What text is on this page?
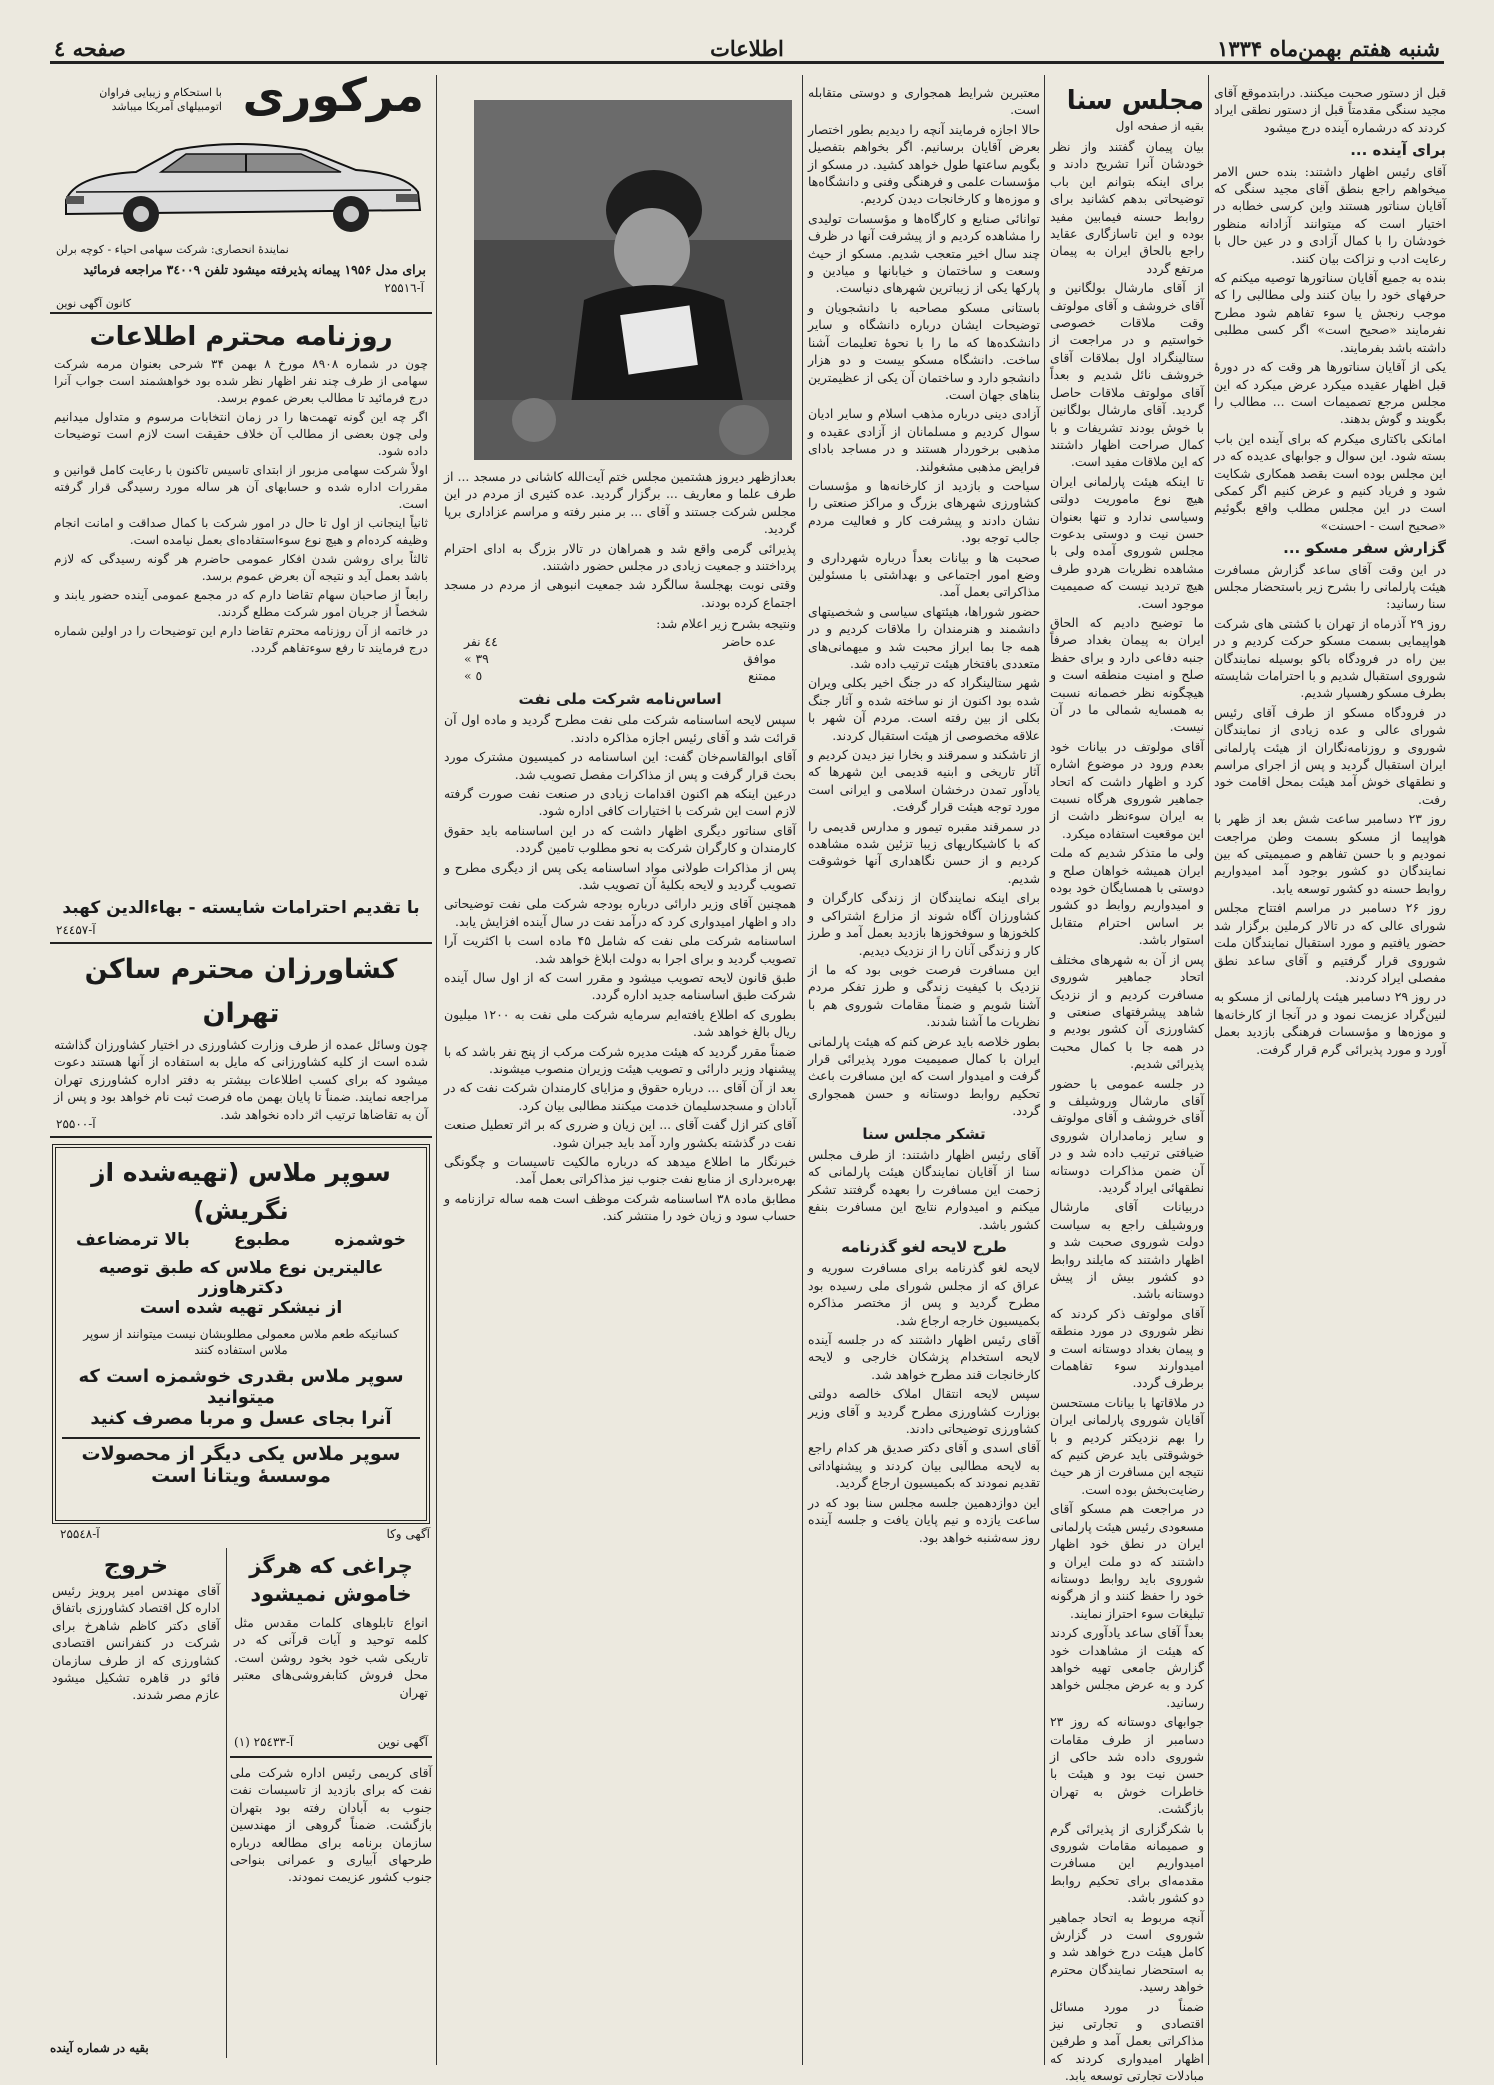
شنبه هفتم بهمن‌ماه ۱۳۳۴
اطلاعات
صفحه ٤

قبل از دستور صحبت میکنند. درابتدموقع آقای مجید سنگی مقدمتاً قبل از دستور نطقی ایراد کردند که درشماره آینده درج میشود

برای آینده ...

آقای رئیس اظهار داشتند: بنده حس الامر میخواهم راجع بنطق آقای مجید سنگی که آقایان سناتور هستند واین کرسی خطابه در اختیار است که میتوانند آزادانه منظور خودشان را با کمال آزادی و در عین حال با رعایت ادب و نزاکت بیان کنند.

بنده به جمیع آقایان سناتورها توصیه میکنم که حرفهای خود را بیان کنند ولی مطالبی را که موجب رنجش یا سوء تفاهم شود مطرح نفرمایند «صحیح است» اگر کسی مطلبی داشته باشد بفرمایند.

یکی از آقایان سناتورها هر وقت که در دورۀ قبل اظهار عقیده میکرد عرض میکرد که این مجلس مرجع تصمیمات است ... مطالب را بگویند و گوش بدهند.

امانکی باکتاری میکرم که برای آینده این باب بسته شود. این سوال و جوابهای عدیده که در این مجلس بوده است بقصد همکاری شکایت شود و فریاد کنیم و عرض کنیم اگر کمکی است در این مجلس مطلب واقع بگوئیم «صحیح است - احسنت»

گزارش سفر مسکو ...

در این وقت آقای ساعد گزارش مسافرت هیئت پارلمانی را بشرح زیر باستحضار مجلس سنا رسانید:

روز ۲۹ آذرماه از تهران با کشتی های شرکت هواپیمایی بسمت مسکو حرکت کردیم و در بین راه در فرودگاه باکو بوسیله نمایندگان شوروی استقبال شدیم و با احترامات شایسته بطرف مسکو رهسپار شدیم.

در فرودگاه مسکو از طرف آقای رئیس شورای عالی و عده زیادی از نمایندگان شوروی و روزنامه‌نگاران از هیئت پارلمانی ایران استقبال گردید و پس از اجرای مراسم و نطقهای خوش آمد هیئت بمحل اقامت خود رفت.

روز ۲۳ دسامبر ساعت شش بعد از ظهر با هواپیما از مسکو بسمت وطن مراجعت نمودیم و با حسن تفاهم و صمیمیتی که بین نمایندگان دو کشور بوجود آمد امیدواریم روابط حسنه دو کشور توسعه یابد.

روز ۲۶ دسامبر در مراسم افتتاح مجلس شورای عالی که در تالار کرملین برگزار شد حضور یافتیم و مورد استقبال نمایندگان ملت شوروی قرار گرفتیم و آقای ساعد نطق مفصلی ایراد کردند.

در روز ۲۹ دسامبر هیئت پارلمانی از مسکو به لنین‌گراد عزیمت نمود و در آنجا از کارخانه‌ها و موزه‌ها و مؤسسات فرهنگی بازدید بعمل آورد و مورد پذیرائی گرم قرار گرفت.

مجلس سنا
بقیه از صفحه اول

بیان پیمان گفتند واز نظر خودشان آنرا تشریح دادند و برای اینکه بتوانم این باب توضیحاتی بدهم کشانید برای روابط حسنه فیمابین مفید بوده و این تاسازگاری عقاید راجع بالحاق ایران به پیمان مرتفع گردد

از آقای مارشال بولگانین و آقای خروشف و آقای مولوتف وقت ملاقات خصوصی خواستیم و در مراجعت از ستالینگراد اول بملاقات آقای خروشف نائل شدیم و بعداً آقای مولوتف ملاقات حاصل گردید. آقای مارشال بولگانین با خوش بودند تشریفات و با کمال صراحت اظهار داشتند که این ملاقات مفید است.

تا اینکه هیئت پارلمانی ایران هیچ نوع ماموریت دولتی وسیاسی ندارد و تنها بعنوان حسن نیت و دوستی بدعوت مجلس شوروی آمده ولی با مشاهده نظریات هردو طرف هیچ تردید نیست که صمیمیت موجود است.

ما توضیح دادیم که الحاق ایران به پیمان بغداد صرفاً جنبه دفاعی دارد و برای حفظ صلح و امنیت منطقه است و هیچگونه نظر خصمانه نسبت به همسایه شمالی ما در آن نیست.

آقای مولوتف در بیانات خود بعدم ورود در موضوع اشاره کرد و اظهار داشت که اتحاد جماهیر شوروی هرگاه نسبت به ایران سوءنظر داشت از این موقعیت استفاده میکرد.

ولی ما متذکر شدیم که ملت ایران همیشه خواهان صلح و دوستی با همسایگان خود بوده و امیدواریم روابط دو کشور بر اساس احترام متقابل استوار باشد.

پس از آن به شهرهای مختلف اتحاد جماهیر شوروی مسافرت کردیم و از نزدیک شاهد پیشرفتهای صنعتی و کشاورزی آن کشور بودیم و در همه جا با کمال محبت پذیرائی شدیم.

در جلسه عمومی با حضور آقای مارشال وروشیلف و آقای خروشف و آقای مولوتف و سایر زمامداران شوروی ضیافتی ترتیب داده شد و در آن ضمن مذاکرات دوستانه نطقهائی ایراد گردید.

دربیانات آقای مارشال وروشیلف راجع به سیاست دولت شوروی صحبت شد و اظهار داشتند که مایلند روابط دو کشور بیش از پیش دوستانه باشد.

آقای مولوتف ذکر کردند که نظر شوروی در مورد منطقه و پیمان بغداد دوستانه است و امیدوارند سوء تفاهمات برطرف گردد.

در ملاقاتها با بیانات مستحسن آقایان شوروی پارلمانی ایران را بهم نزدیکتر کردیم و با خوشوقتی باید عرض کنیم که نتیجه این مسافرت از هر حیث رضایت‌بخش بوده است.

در مراجعت هم مسکو آقای مسعودی رئیس هیئت پارلمانی ایران در نطق خود اظهار داشتند که دو ملت ایران و شوروی باید روابط دوستانه خود را حفظ کنند و از هرگونه تبلیغات سوء احتراز نمایند.

بعداً آقای ساعد یادآوری کردند که هیئت از مشاهدات خود گزارش جامعی تهیه خواهد کرد و به عرض مجلس خواهد رسانید.

جوابهای دوستانه که روز ۲۳ دسامبر از طرف مقامات شوروی داده شد حاکی از حسن نیت بود و هیئت با خاطرات خوش به تهران بازگشت.

با شکرگزاری از پذیرائی گرم و صمیمانه مقامات شوروی امیدواریم این مسافرت مقدمه‌ای برای تحکیم روابط دو کشور باشد.

آنچه مربوط به اتحاد جماهیر شوروی است در گزارش کامل هیئت درج خواهد شد و به استحضار نمایندگان محترم خواهد رسید.

ضمناً در مورد مسائل اقتصادی و تجارتی نیز مذاکراتی بعمل آمد و طرفین اظهار امیدواری کردند که مبادلات تجارتی توسعه یابد.

معتبرین شرایط همجواری و دوستی متقابله است.

حالا اجازه فرمایند آنچه را دیدیم بطور اختصار بعرض آقایان برسانیم. اگر بخواهم بتفصیل بگویم ساعتها طول خواهد کشید. در مسکو از مؤسسات علمی و فرهنگی وفنی و دانشگاه‌ها و موزه‌ها و کارخانجات دیدن کردیم.

توانائی صنایع و کارگاه‌ها و مؤسسات تولیدی را مشاهده کردیم و از پیشرفت آنها در ظرف چند سال اخیر متعجب شدیم. مسکو از حیث وسعت و ساختمان و خیابانها و میادین و پارکها یکی از زیباترین شهرهای دنیاست.

باستانی مسکو مصاحبه با دانشجویان و توضیحات ایشان درباره دانشگاه و سایر دانشکده‌ها که ما را با نحوۀ تعلیمات آشنا ساخت. دانشگاه مسکو بیست و دو هزار دانشجو دارد و ساختمان آن یکی از عظیمترین بناهای جهان است.

آزادی دینی درباره مذهب اسلام و سایر ادیان سوال کردیم و مسلمانان از آزادی عقیده و مذهبی برخوردار هستند و در مساجد بادای فرایض مذهبی مشغولند.

سیاحت و بازدید از کارخانه‌ها و مؤسسات کشاورزی شهرهای بزرگ و مراکز صنعتی را نشان دادند و پیشرفت کار و فعالیت مردم جالب توجه بود.

صحبت ها و بیانات بعداً درباره شهرداری و وضع امور اجتماعی و بهداشتی با مسئولین مذاکراتی بعمل آمد.

حضور شوراها، هیئتهای سیاسی و شخصیتهای دانشمند و هنرمندان را ملاقات کردیم و در همه جا بما ابراز محبت شد و میهمانی‌های متعددی بافتخار هیئت ترتیب داده شد.

شهر ستالینگراد که در جنگ اخیر بکلی ویران شده بود اکنون از نو ساخته شده و آثار جنگ بکلی از بین رفته است. مردم آن شهر با علاقه مخصوصی از هیئت استقبال کردند.

از تاشکند و سمرقند و بخارا نیز دیدن کردیم و آثار تاریخی و ابنیه قدیمی این شهرها که یادآور تمدن درخشان اسلامی و ایرانی است مورد توجه هیئت قرار گرفت.

در سمرقند مقبره تیمور و مدارس قدیمی را که با کاشیکاریهای زیبا تزئین شده مشاهده کردیم و از حسن نگاهداری آنها خوشوقت شدیم.

برای اینکه نمایندگان از زندگی کارگران و کشاورزان آگاه شوند از مزارع اشتراکی و کلخوزها و سوفخوزها بازدید بعمل آمد و طرز کار و زندگی آنان را از نزدیک دیدیم.

این مسافرت فرصت خوبی بود که ما از نزدیک با کیفیت زندگی و طرز تفکر مردم آشنا شویم و ضمناً مقامات شوروی هم با نظریات ما آشنا شدند.

بطور خلاصه باید عرض کنم که هیئت پارلمانی ایران با کمال صمیمیت مورد پذیرائی قرار گرفت و امیدوار است که این مسافرت باعث تحکیم روابط دوستانه و حسن همجواری گردد.

تشکر مجلس سنا

آقای رئیس اظهار داشتند: از طرف مجلس سنا از آقایان نمایندگان هیئت پارلمانی که زحمت این مسافرت را بعهده گرفتند تشکر میکنم و امیدوارم نتایج این مسافرت بنفع کشور باشد.

طرح لایحه لغو گذرنامه

لایحه لغو گذرنامه برای مسافرت سوریه و عراق که از مجلس شورای ملی رسیده بود مطرح گردید و پس از مختصر مذاکره بکمیسیون خارجه ارجاع شد.

آقای رئیس اظهار داشتند که در جلسه آینده لایحه استخدام پزشکان خارجی و لایحه کارخانجات قند مطرح خواهد شد.

سپس لایحه انتقال املاک خالصه دولتی بوزارت کشاورزی مطرح گردید و آقای وزیر کشاورزی توضیحاتی دادند.

آقای اسدی و آقای دکتر صدیق هر کدام راجع به لایحه مطالبی بیان کردند و پیشنهاداتی تقدیم نمودند که بکمیسیون ارجاع گردید.

این دوازدهمین جلسه مجلس سنا بود که در ساعت یازده و نیم پایان یافت و جلسه آینده روز سه‌شنبه خواهد بود.

بعدازظهر دیروز هشتمین مجلس ختم آیت‌الله کاشانی در مسجد ... از طرف علما و معاریف ... برگزار گردید. عده کثیری از مردم در این مجلس شرکت جستند و آقای ... بر منبر رفته و مراسم عزاداری برپا گردید.

پذیرائی گرمی واقع شد و همراهان در تالار بزرگ به ادای احترام پرداختند و جمعیت زیادی در مجلس حضور داشتند.

وقتی نوبت بهجلسۀ سالگرد شد جمعیت انبوهی از مردم در مسجد اجتماع کرده بودند.

ونتیجه بشرح زیر اعلام شد:
عده حاضر
٤٤ نفر
موافق
٣٩ »
ممتنع
٥ »
اساس‌نامه شرکت ملی نفت

سپس لایحه اساسنامه شرکت ملی نفت مطرح گردید و ماده اول آن قرائت شد و آقای رئیس اجازه مذاکره دادند.

آقای ابوالقاسم‌خان گفت: این اساسنامه در کمیسیون مشترک مورد بحث قرار گرفت و پس از مذاکرات مفصل تصویب شد.

درعین اینکه هم اکنون اقدامات زیادی در صنعت نفت صورت گرفته لازم است این شرکت با اختیارات کافی اداره شود.

آقای سناتور دیگری اظهار داشت که در این اساسنامه باید حقوق کارمندان و کارگران شرکت به نحو مطلوب تامین گردد.

پس از مذاکرات طولانی مواد اساسنامه یکی پس از دیگری مطرح و تصویب گردید و لایحه بکلیۀ آن تصویب شد.

همچنین آقای وزیر دارائی درباره بودجه شرکت ملی نفت توضیحاتی داد و اظهار امیدواری کرد که درآمد نفت در سال آینده افزایش یابد.

اساسنامه شرکت ملی نفت که شامل ۴۵ ماده است با اکثریت آرا تصویب گردید و برای اجرا به دولت ابلاغ خواهد شد.

طبق قانون لایحه تصویب میشود و مقرر است که از اول سال آینده شرکت طبق اساسنامه جدید اداره گردد.

بطوری که اطلاع یافته‌ایم سرمایه شرکت ملی نفت به ۱۲۰۰ میلیون ریال بالغ خواهد شد.

ضمناً مقرر گردید که هیئت مدیره شرکت مرکب از پنج نفر باشد که با پیشنهاد وزیر دارائی و تصویب هیئت وزیران منصوب میشوند.

بعد از آن آقای ... درباره حقوق و مزایای کارمندان شرکت نفت که در آبادان و مسجدسلیمان خدمت میکنند مطالبی بیان کرد.

آقای کتر ازل گفت آقای ... این زیان و ضرری که بر اثر تعطیل صنعت نفت در گذشته بکشور وارد آمد باید جبران شود.

خبرنگار ما اطلاع میدهد که درباره مالکیت تاسیسات و چگونگی بهره‌برداری از منابع نفت جنوب نیز مذاکراتی بعمل آمد.

مطابق ماده ۳۸ اساسنامه شرکت موظف است همه ساله ترازنامه و حساب سود و زیان خود را منتشر کند.

مرکوری
با استحکام و زیبایی فراوان اتومبیلهای آمریکا میباشد
نمایندۀ انحصاری: شرکت سهامی احیاء - کوچه برلن
برای مدل ۱۹۵۶ پیمانه پذیرفته میشود تلفن ۳٤٠٠٩ مراجعه فرمائید
آ-۲۵۵۱٦
کانون آگهی نوین
روزنامه محترم اطلاعات

چون در شماره ۸۹۰۸ مورخ ۸ بهمن ۳۴ شرحی بعنوان مرمه شرکت سهامی از طرف چند نفر اظهار نظر شده بود خواهشمند است جواب آنرا درج فرمائید تا مطالب بعرض عموم برسد.

اگر چه این گونه تهمت‌ها را در زمان انتخابات مرسوم و متداول میدانیم ولی چون بعضی از مطالب آن خلاف حقیقت است لازم است توضیحات داده شود.

اولاً شرکت سهامی مزبور از ابتدای تاسیس تاکنون با رعایت کامل قوانین و مقررات اداره شده و حسابهای آن هر ساله مورد رسیدگی قرار گرفته است.

ثانیاً اینجانب از اول تا حال در امور شرکت با کمال صداقت و امانت انجام وظیفه کرده‌ام و هیچ نوع سوءاستفاده‌ای بعمل نیامده است.

ثالثاً برای روشن شدن افکار عمومی حاضرم هر گونه رسیدگی که لازم باشد بعمل آید و نتیجه آن بعرض عموم برسد.

رابعاً از صاحبان سهام تقاضا دارم که در مجمع عمومی آینده حضور یابند و شخصاً از جریان امور شرکت مطلع گردند.

در خاتمه از آن روزنامه محترم تقاضا دارم این توضیحات را در اولین شماره درج فرمایند تا رفع سوءتفاهم گردد.

با تقدیم احترامات شایسته - بهاءالدین کهبد
آ-۲٤٤۵۷
کشاورزان محترم ساکن تهران
چون وسائل عمده از طرف وزارت کشاورزی در اختیار کشاورزان گذاشته شده است از کلیه کشاورزانی که مایل به استفاده از آنها هستند دعوت میشود که برای کسب اطلاعات بیشتر به دفتر اداره کشاورزی تهران مراجعه نمایند. ضمناً تا پایان بهمن ماه فرصت ثبت نام خواهد بود و پس از آن به تقاضاها ترتیب اثر داده نخواهد شد.
آ-۲۵۵٠٠
سوپر ملاس (تهیه‌شده از نگریش)
خوشمزه
مطبوع
بالا ترمضاعف
عالیترین نوع ملاس که طبق توصیه دکترهاوزر
از نیشکر تهیه شده است
کسانیکه طعم ملاس معمولی مطلوبشان نیست میتوانند از سوپر ملاس استفاده کنند
سوپر ملاس بقدری خوشمزه است که میتوانید
آنرا بجای عسل و مربا مصرف کنید
سوپر ملاس یکی دیگر از محصولات
موسسۀ ویتانا است
آگهی وکا
آ-۲۵۵٤۸
چراغی که هرگز خاموش نمیشود
انواع تابلوهای کلمات مقدس مثل کلمه توحید و آیات قرآنی که در تاریکی شب خود بخود روشن است. محل فروش کتابفروشی‌های معتبر تهران
آگهی نوین
آ-۲۵٤۳۳ (۱)
خروج
آقای مهندس امیر پرویز رئیس اداره کل اقتصاد کشاورزی باتفاق آقای دکتر کاظم شاهرخ برای شرکت در کنفرانس اقتصادی کشاورزی که از طرف سازمان فائو در قاهره تشکیل میشود عازم مصر شدند.

آقای کریمی رئیس اداره شرکت ملی نفت که برای بازدید از تاسیسات نفت جنوب به آبادان رفته بود بتهران بازگشت. ضمناً گروهی از مهندسین سازمان برنامه برای مطالعه درباره طرحهای آبیاری و عمرانی بنواحی جنوب کشور عزیمت نمودند.

بقیه در شماره آینده
